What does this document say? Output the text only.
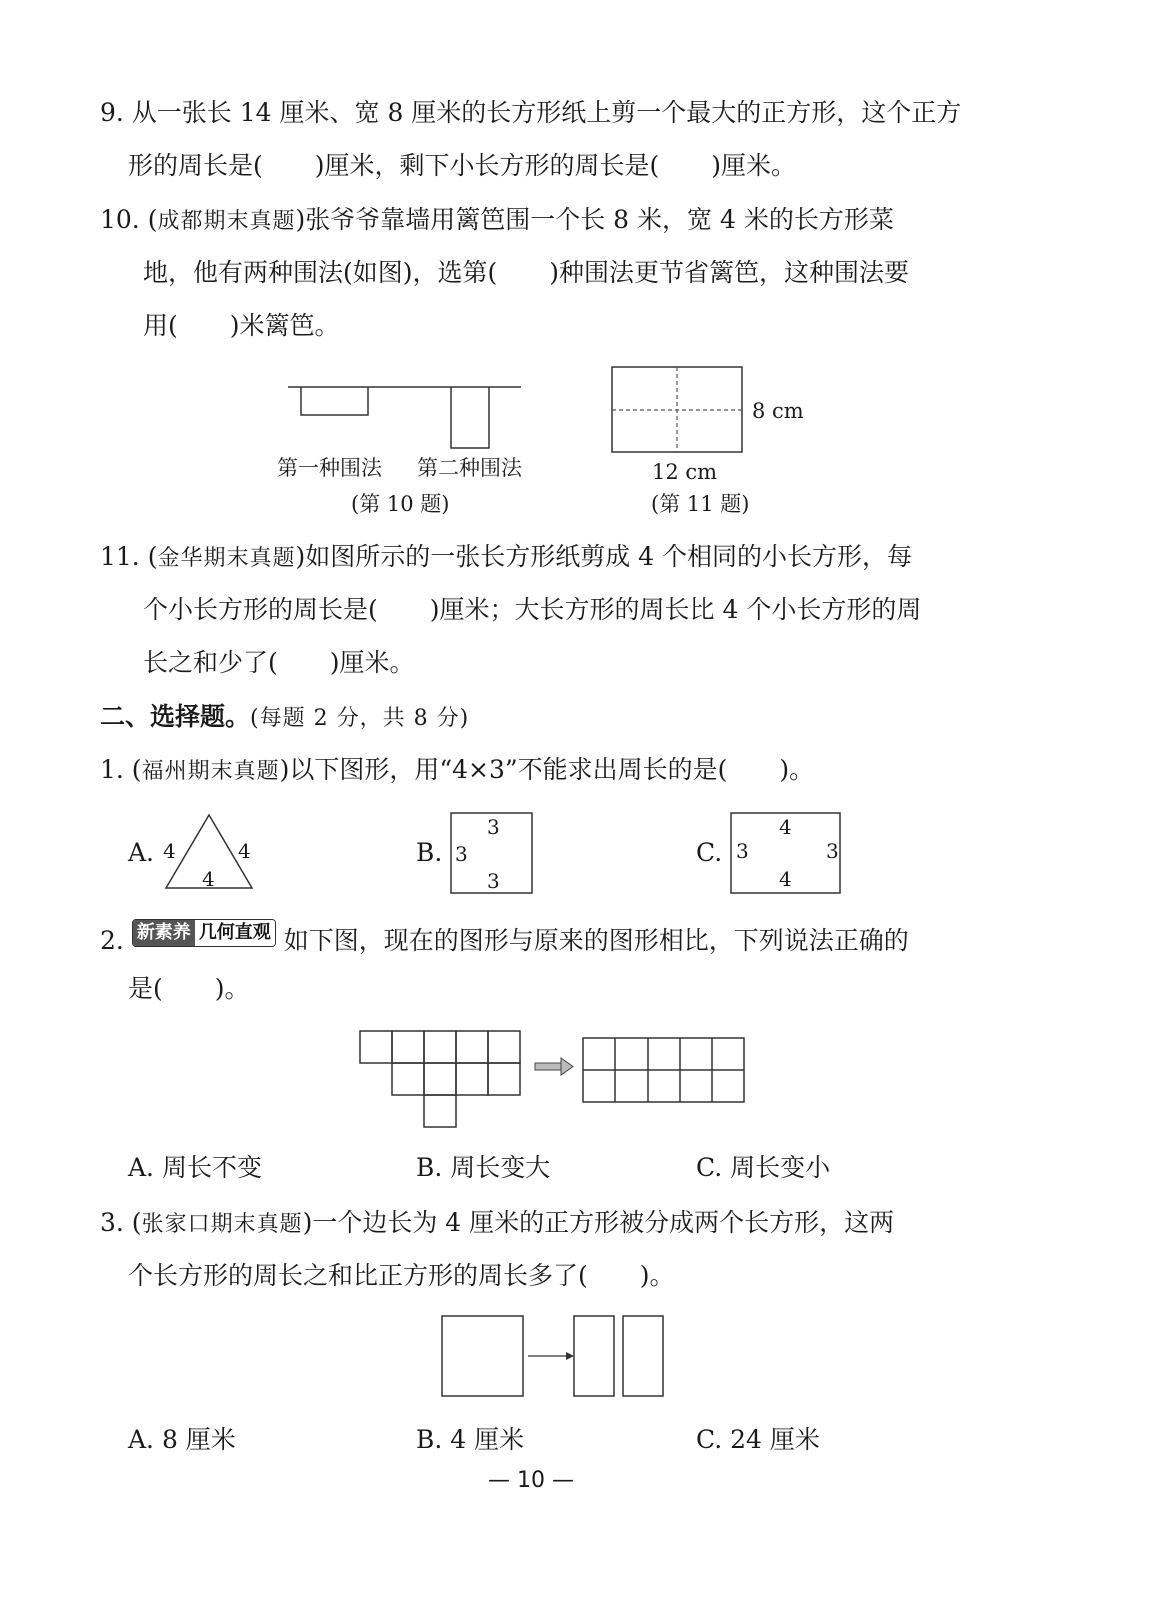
9. 从一张长 14 厘米、宽 8 厘米的长方形纸上剪一个最大的正方形，这个正方
形的周长是( )厘米，剩下小长方形的周长是( )厘米。
10. (成都期末真题)张爷爷靠墙用篱笆围一个长 8 米，宽 4 米的长方形菜
地，他有两种围法(如图)，选第( )种围法更节省篱笆，这种围法要
用( )米篱笆。
第一种围法 第二种围法
(第 10 题)
8 cm
12 cm
(第 11 题)
11. (金华期末真题)如图所示的一张长方形纸剪成 4 个相同的小长方形，每
个小长方形的周长是( )厘米；大长方形的周长比 4 个小长方形的周
长之和少了( )厘米。
二、选择题。(每题 2 分，共 8 分)
1. (福州期末真题)以下图形，用“4×3”不能求出周长的是( )。
A.	B.	C.
4	4
4
3
3
3
4
3	3
4
2. 新素养 几何直观 如下图，现在的图形与原来的图形相比，下列说法正确的
是( )。
A. 周长不变	B. 周长变大	C. 周长变小
3. (张家口期末真题)一个边长为 4 厘米的正方形被分成两个长方形，这两
个长方形的周长之和比正方形的周长多了( )。
A. 8 厘米	B. 4 厘米	C. 24 厘米
— 10 —
